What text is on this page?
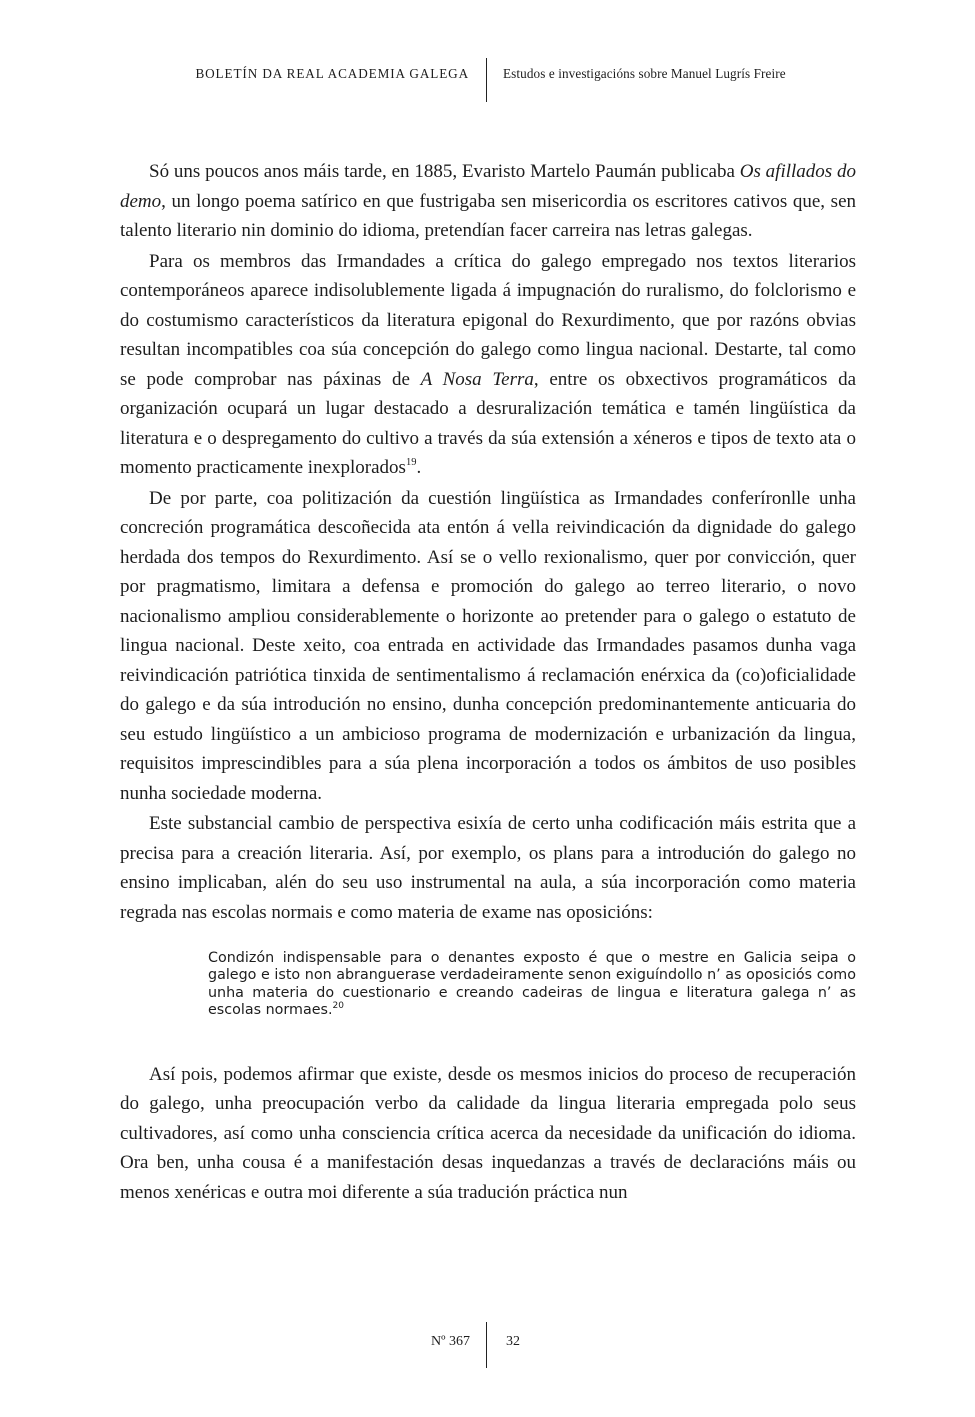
BOLETÍN DA REAL ACADEMIA GALEGA	Estudos e investigacións sobre Manuel Lugrís Freire

Só uns poucos anos máis tarde, en 1885, Evaristo Martelo Paumán publicaba Os afillados do demo, un longo poema satírico en que fustrigaba sen misericordia os escritores cativos que, sen talento literario nin dominio do idioma, pretendían facer carreira nas letras galegas.

Para os membros das Irmandades a crítica do galego empregado nos textos literarios contemporáneos aparece indisolublemente ligada á impugnación do ruralismo, do folclorismo e do costumismo característicos da literatura epigonal do Rexurdimento, que por razóns obvias resultan incompatibles coa súa concepción do galego como lingua nacional. Destarte, tal como se pode comprobar nas páxinas de A Nosa Terra, entre os obxectivos programáticos da organización ocupará un lugar destacado a desruralización temática e tamén lingüística da literatura e o despregamento do cultivo a través da súa extensión a xéneros e tipos de texto ata o momento practicamente inexplorados$^{19}$.

De por parte, coa politización da cuestión lingüística as Irmandades conferíronlle unha concreción programática descoñecida ata entón á vella reivindicación da dignidade do galego herdada dos tempos do Rexurdimento. Así se o vello rexionalismo, quer por convicción, quer por pragmatismo, limitara a defensa e promoción do galego ao terreo literario, o novo nacionalismo ampliou considerablemente o horizonte ao pretender para o galego o estatuto de lingua nacional. Deste xeito, coa entrada en actividade das Irmandades pasamos dunha vaga reivindicación patriótica tinxida de sentimentalismo á reclamación enérxica da (co)oficialidade do galego e da súa introdución no ensino, dunha concepción predominantemente anticuaria do seu estudo lingüístico a un ambicioso programa de modernización e urbanización da lingua, requisitos imprescindibles para a súa plena incorporación a todos os ámbitos de uso posibles nunha sociedade moderna.

Este substancial cambio de perspectiva esixía de certo unha codificación máis estrita que a precisa para a creación literaria. Así, por exemplo, os plans para a introdución do galego no ensino implicaban, alén do seu uso instrumental na aula, a súa incorporación como materia regrada nas escolas normais e como materia de exame nas oposicións:

Condizón indispensable para o denantes exposto é que o mestre en Galicia seipa o galego e isto non abranguerase verdadeiramente senon exiguíndollo n’ as oposiciós como unha materia do cuestionario e creando cadeiras de lingua e literatura galega n’ as escolas normaes.$^{20}$

Así pois, podemos afirmar que existe, desde os mesmos inicios do proceso de recuperación do galego, unha preocupación verbo da calidade da lingua literaria empregada polo seus cultivadores, así como unha consciencia crítica acerca da necesidade da unificación do idioma. Ora ben, unha cousa é a manifestación desas inquedanzas a través de declaracións máis ou menos xenéricas e outra moi diferente a súa tradución práctica nun

Nº 367	32
